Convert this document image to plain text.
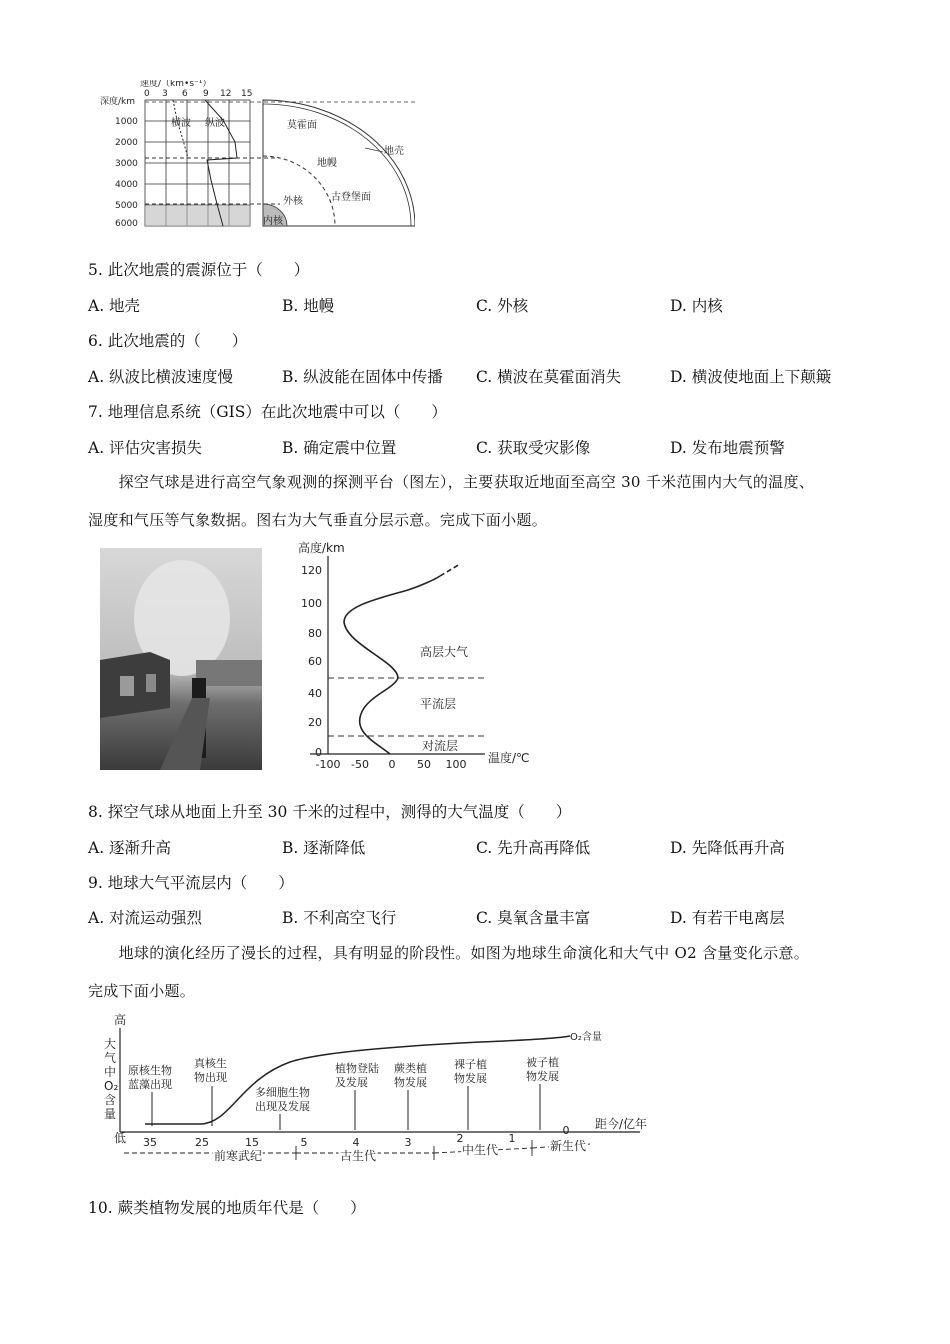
速度/（km•s⁻¹）
深度/km
0 3 6 9 12 15
1000
2000
3000
4000
5000
6000
横波 纵波	莫霍面
地壳
地幔
外核	古登堡面
内核
5. 此次地震的震源位于（　　）
A. 地壳	B. 地幔	C. 外核	D. 内核
6. 此次地震的（　　）
A. 纵波比横波速度慢	B. 纵波能在固体中传播 C. 横波在莫霍面消失	D. 横波使地面上下颠簸
7. 地理信息系统（GIS）在此次地震中可以（　　）
A. 评估灾害损失	B. 确定震中位置	C. 获取受灾影像	D. 发布地震预警
　　探空气球是进行高空气象观测的探测平台（图左），主要获取近地面至高空 30 千米范围内大气的温度、
湿度和气压等气象数据。图右为大气垂直分层示意。完成下面小题。
高度/km
120
100
80
60
40
20
0
-100 -50 0 50 100 温度/℃
高层大气
平流层
对流层
8. 探空气球从地面上升至 30 千米的过程中，测得的大气温度（　　）
A. 逐渐升高	B. 逐渐降低	C. 先升高再降低	D. 先降低再升高
9. 地球大气平流层内（　　）
A. 对流运动强烈	B. 不利高空飞行	C. 臭氧含量丰富	D. 有若干电离层
　　地球的演化经历了漫长的过程，具有明显的阶段性。如图为地球生命演化和大气中 O2 含量变化示意。
完成下面小题。
高
大
气
中
O₂
含
量
低
距今/亿年
O₂含量
原核生物
蓝藻出现
真核生
物出现
多细胞生物
出现及发展
植物登陆
及发展
蕨类植
物发展
裸子植
物发展
被子植
物发展
35	25	15	5	4	3	2	1
0
前寒武纪	古生代	中生代	新生代
10. 蕨类植物发展的地质年代是（　　）
